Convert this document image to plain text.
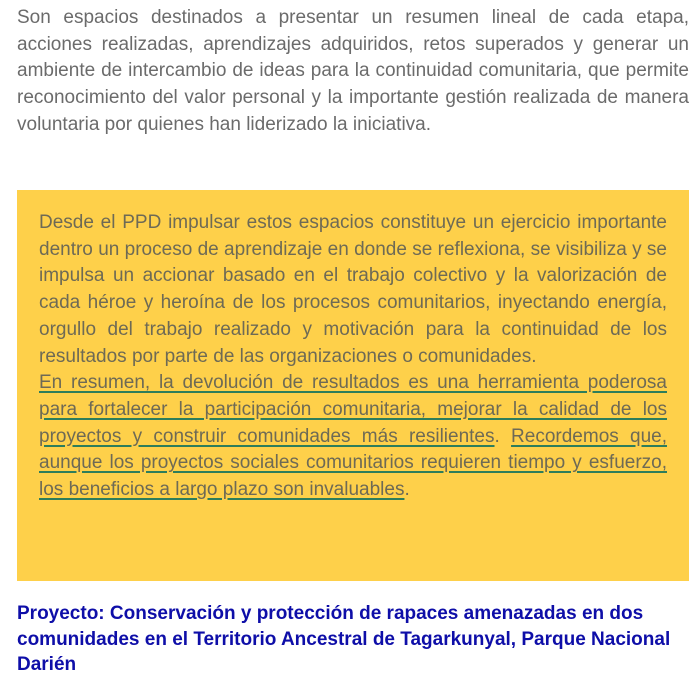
Son espacios destinados a presentar un resumen lineal de cada etapa, acciones realizadas, aprendizajes adquiridos, retos superados y generar un ambiente de intercambio de ideas para la continuidad comunitaria, que permite reconocimiento del valor personal y la importante gestión realizada de manera voluntaria por quienes han liderizado la iniciativa.

Desde el PPD impulsar estos espacios constituye un ejercicio importante dentro un proceso de aprendizaje en donde se reflexiona, se visibiliza y se impulsa un accionar basado en el trabajo colectivo y la valorización de cada héroe y heroína de los procesos comunitarios, inyectando energía, orgullo del trabajo realizado y motivación para la continuidad de los resultados por parte de las organizaciones o comunidades.
En resumen, la devolución de resultados es una herramienta poderosa para fortalecer la participación comunitaria, mejorar la calidad de los proyectos y construir comunidades más resilientes. Recordemos que, aunque los proyectos sociales comunitarios requieren tiempo y esfuerzo, los beneficios a largo plazo son invaluables.

Proyecto: Conservación y protección de rapaces amenazadas en dos comunidades en el Territorio Ancestral de Tagarkunyal, Parque Nacional Darién
